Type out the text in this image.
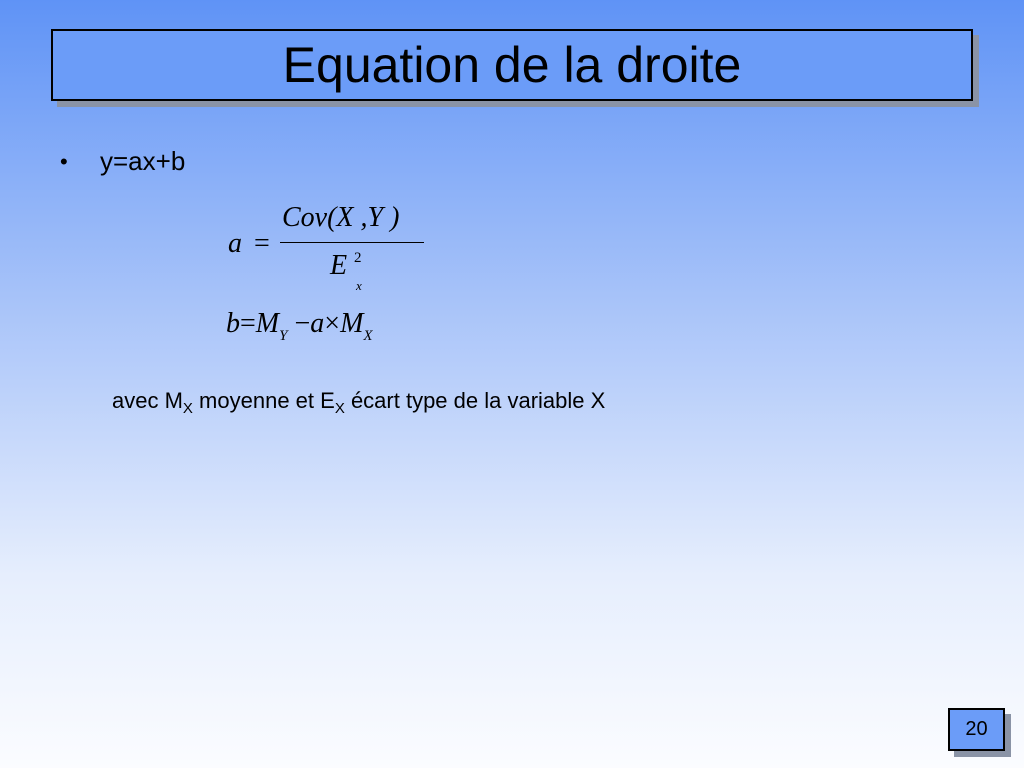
Equation de la droite
•	y=ax+b
a =
Cov(X ,Y )
E 2
x
$b=M_Y -a\times M_X$
avec $M_X$ moyenne et $E_X$ écart type de la variable X
20
